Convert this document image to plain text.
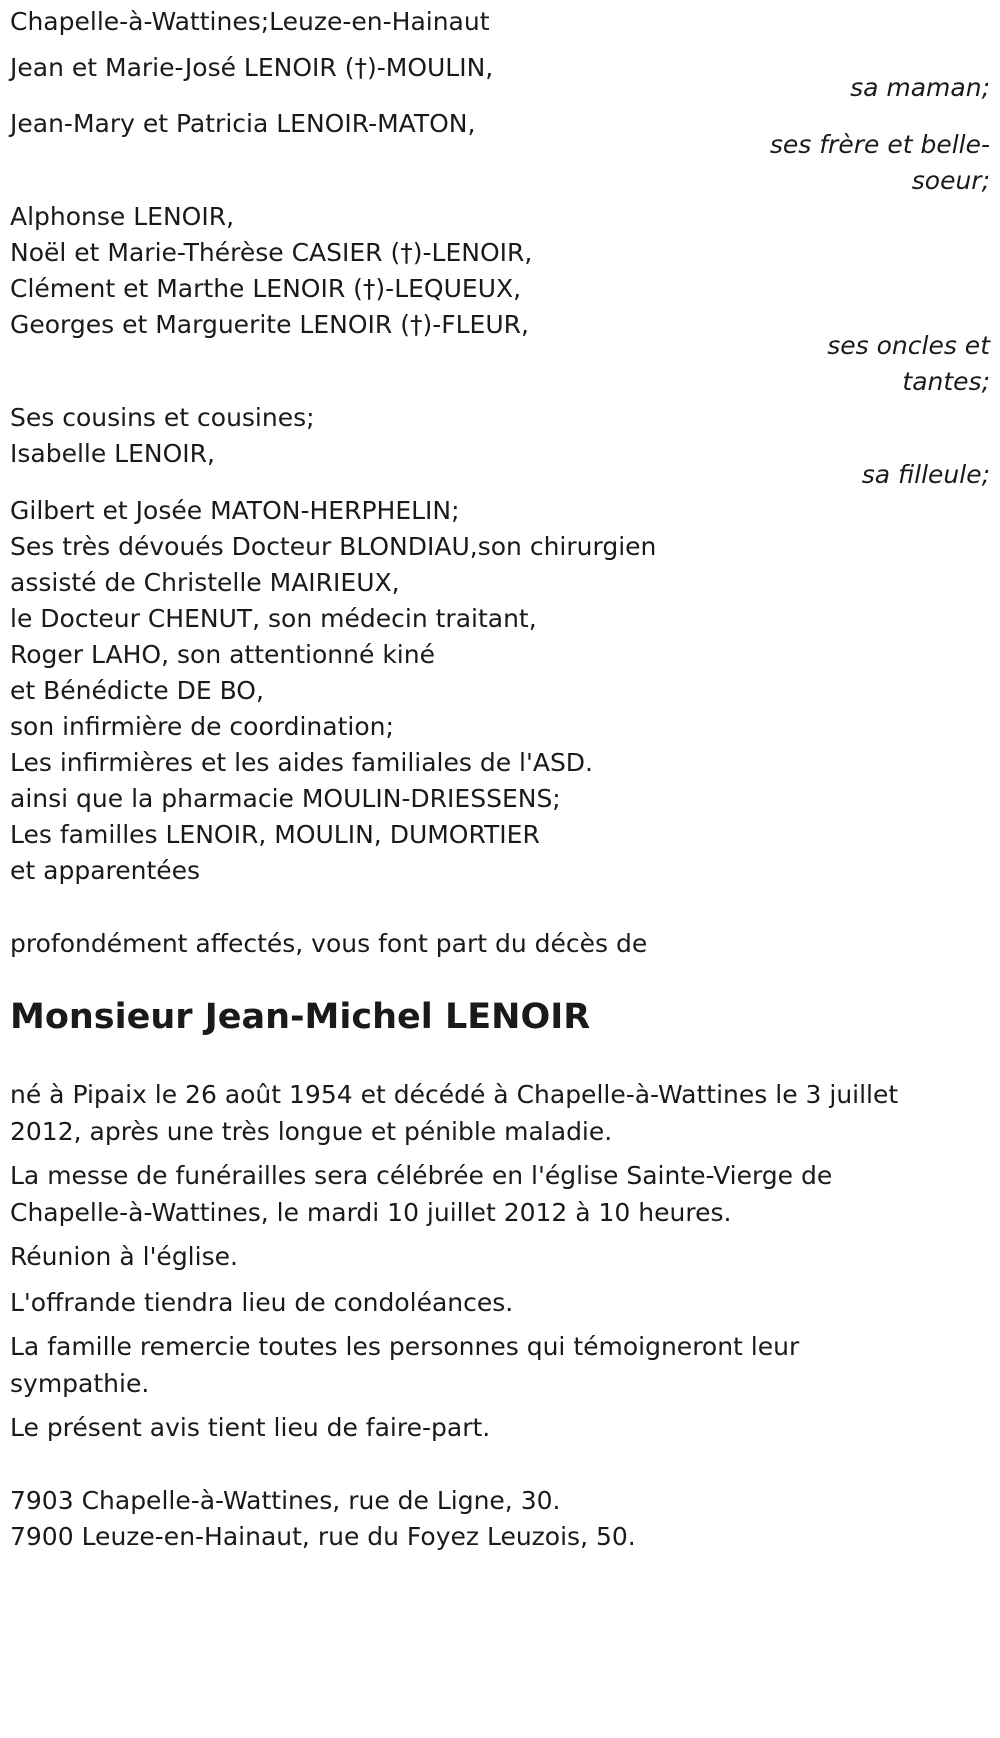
Chapelle-à-Wattines;Leuze-en-Hainaut
Jean et Marie-José LENOIR (†)-MOULIN,
sa maman;
Jean-Mary et Patricia LENOIR-MATON,
ses frère et belle-
soeur;
Alphonse LENOIR,
Noël et Marie-Thérèse CASIER (†)-LENOIR,
Clément et Marthe LENOIR (†)-LEQUEUX,
Georges et Marguerite LENOIR (†)-FLEUR,
ses oncles et
tantes;
Ses cousins et cousines;
Isabelle LENOIR,
sa filleule;
Gilbert et Josée MATON-HERPHELIN;
Ses très dévoués Docteur BLONDIAU,son chirurgien
assisté de Christelle MAIRIEUX,
le Docteur CHENUT, son médecin traitant,
Roger LAHO, son attentionné kiné
et Bénédicte DE BO,
son infirmière de coordination;
Les infirmières et les aides familiales de l'ASD.
ainsi que la pharmacie MOULIN-DRIESSENS;
Les familles LENOIR, MOULIN, DUMORTIER
et apparentées
profondément affectés, vous font part du décès de
Monsieur Jean-Michel LENOIR
né à Pipaix le 26 août 1954 et décédé à Chapelle-à-Wattines le 3 juillet
2012, après une très longue et pénible maladie.
La messe de funérailles sera célébrée en l'église Sainte-Vierge de
Chapelle-à-Wattines, le mardi 10 juillet 2012 à 10 heures.
Réunion à l'église.
L'offrande tiendra lieu de condoléances.
La famille remercie toutes les personnes qui témoigneront leur
sympathie.
Le présent avis tient lieu de faire-part.
7903 Chapelle-à-Wattines, rue de Ligne, 30.
7900 Leuze-en-Hainaut, rue du Foyez Leuzois, 50.
